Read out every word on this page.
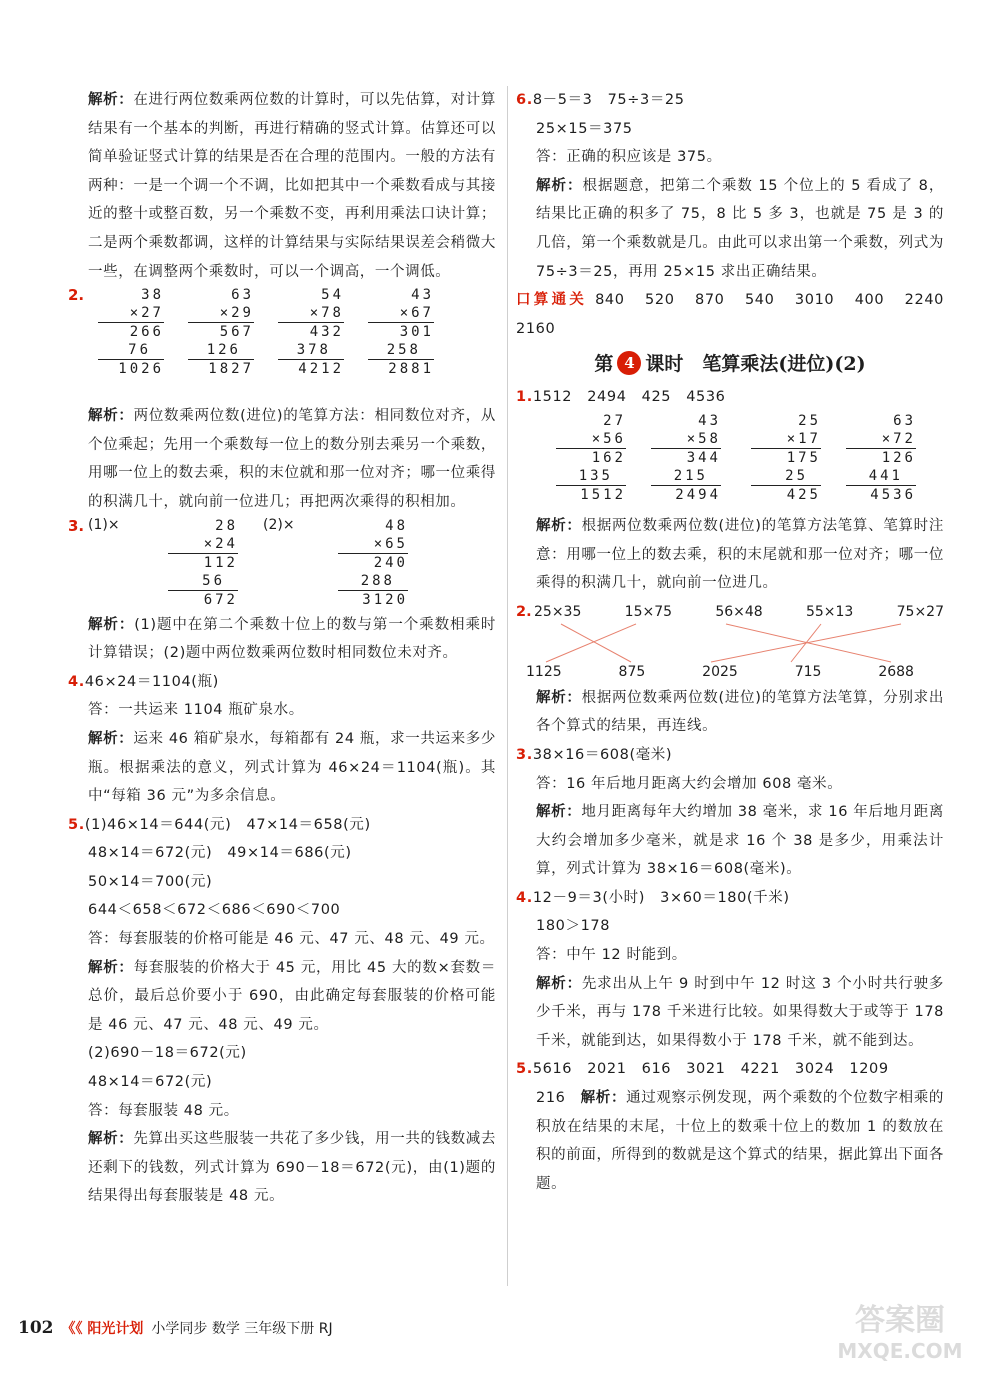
解析：在进行两位数乘两位数的计算时，可以先估算，对计算结果有一个基本的判断，再进行精确的竖式计算。估算还可以简单验证竖式计算的结果是否在合理的范围内。一般的方法有两种：一是一个调一个不调，比如把其中一个乘数看成与其接近的整十或整百数，另一个乘数不变，再利用乘法口诀计算；二是两个乘数都调，这样的计算结果与实际结果误差会稍微大一些，在调整两个乘数时，可以一个调高，一个调低。

2.	38
×27
266
76
1026
63
×29
567
126
1827
54
×78
432
378
4212
43
×67
301
258
2881

解析：两位数乘两位数(进位)的笔算方法：相同数位对齐，从个位乘起；先用一个乘数每一位上的数分别去乘另一个乘数，用哪一位上的数去乘，积的末位就和那一位对齐；哪一位乘得的积满几十，就向前一位进几；再把两次乘得的积相加。

3. (1)×	28
×24
112
56
672
(2)×	48
×65
240
288
3120

解析：(1)题中在第二个乘数十位上的数与第一个乘数相乘时计算错误；(2)题中两位数乘两位数时相同数位未对齐。

4.46×24＝1104(瓶)

答：一共运来 1104 瓶矿泉水。

解析：运来 46 箱矿泉水，每箱都有 24 瓶，求一共运来多少瓶。根据乘法的意义，列式计算为 46×24＝1104(瓶)。其中“每箱 36 元”为多余信息。

5.(1)46×14＝644(元)　47×14＝658(元)

48×14＝672(元)　49×14＝686(元)

50×14＝700(元)

644＜658＜672＜686＜690＜700

答：每套服装的价格可能是 46 元、47 元、48 元、49 元。

解析：每套服装的价格大于 45 元，用比 45 大的数×套数＝总价，最后总价要小于 690，由此确定每套服装的价格可能是 46 元、47 元、48 元、49 元。

(2)690－18＝672(元)

48×14＝672(元)

答：每套服装 48 元。

解析：先算出买这些服装一共花了多少钱，用一共的钱数减去还剩下的钱数，列式计算为 690－18＝672(元)，由(1)题的结果得出每套服装是 48 元。

6.8－5＝3　75÷3＝25

25×15＝375

答：正确的积应该是 375。

解析：根据题意，把第二个乘数 15 个位上的 5 看成了 8，结果比正确的积多了 75，8 比 5 多 3，也就是 75 是 3 的几倍，第一个乘数就是几。由此可以求出第一个乘数，列式为 75÷3＝25，再用 25×15 求出正确结果。

口算通关 840　520　870　540　3010　400　2240　2160

第 4 课时　笔算乘法(进位)(2)

1.1512　2494　425　4536

27
×56
162
135
1512
43
×58
344
215
2494
25
×17
175
25
425
63
×72
126
441
4536

解析：根据两位数乘两位数(进位)的笔算方法笔算、笔算时注意：用哪一位上的数去乘，积的末尾就和那一位对齐；哪一位乘得的积满几十，就向前一位进几。

2. 25×35	15×75	56×48	55×13	75×27
1125	875	2025	715	2688

解析：根据两位数乘两位数(进位)的笔算方法笔算，分别求出各个算式的结果，再连线。

3.38×16＝608(毫米)

答：16 年后地月距离大约会增加 608 毫米。

解析：地月距离每年大约增加 38 毫米，求 16 年后地月距离大约会增加多少毫米，就是求 16 个 38 是多少，用乘法计算，列式计算为 38×16＝608(毫米)。

4.12－9＝3(小时)　3×60＝180(千米)

180＞178

答：中午 12 时能到。

解析：先求出从上午 9 时到中午 12 时这 3 个小时共行驶多少千米，再与 178 千米进行比较。如果得数大于或等于 178 千米，就能到达，如果得数小于 178 千米，就不能到达。

5.5616　2021　616　3021　4221　3024　1209

216　 解析：通过观察示例发现，两个乘数的个位数字相乘的积放在结果的末尾，十位上的数乘十位上的数加 1 的数放在积的前面，所得到的数就是这个算式的结果，据此算出下面各题。

102 《《 阳光计划 小学同步 数学 三年级下册 RJ	答案圈
MXQE.COM
